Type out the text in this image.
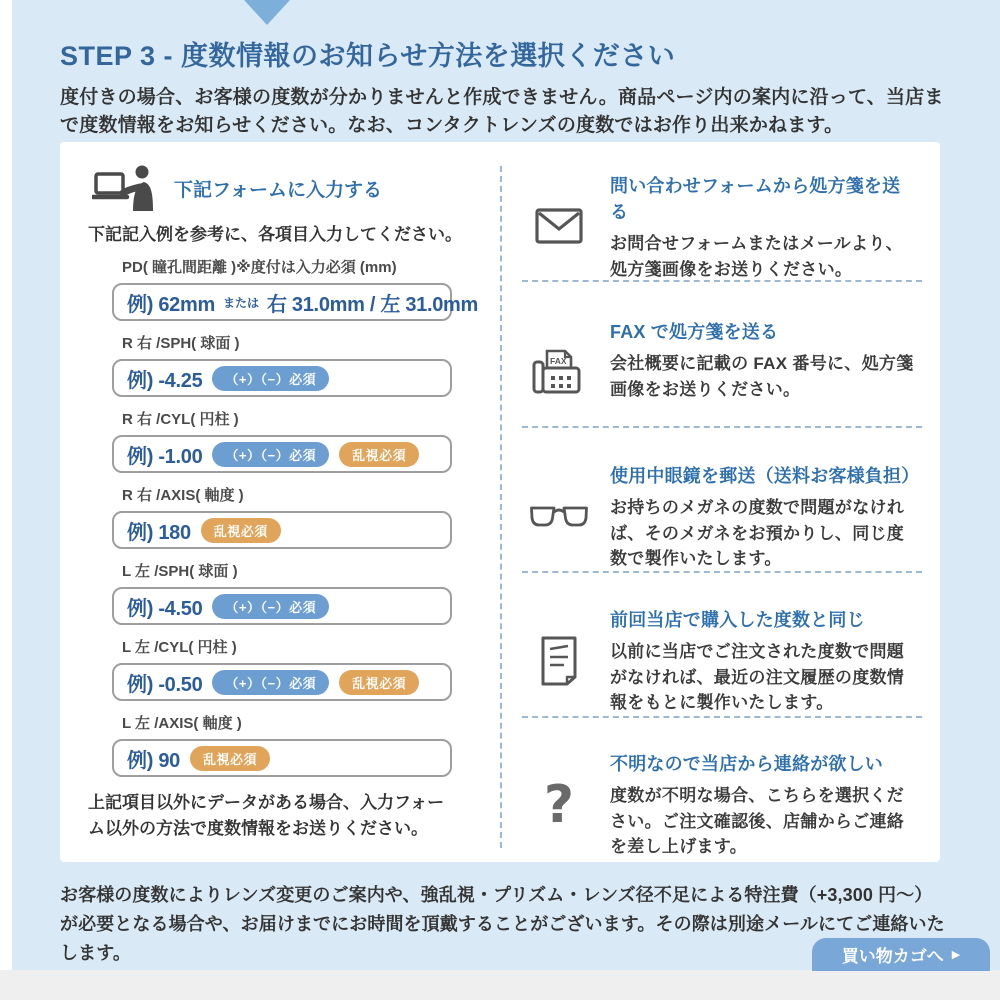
STEP 3 - 度数情報のお知らせ方法を選択ください

度付きの場合、お客様の度数が分かりませんと作成できません。商品ページ内の案内に沿って、当店まで度数情報をお知らせください。なお、コンタクトレンズの度数ではお作り出来かねます。

下記フォームに入力する

下記記入例を参考に、各項目入力してください。

PD( 瞳孔間距離 )※度付は入力必須 (mm)
例) 62mm または 右 31.0mm / 左 31.0mm
R 右 /SPH( 球面 )
例) -4.25	（+）（−）必須
R 右 /CYL( 円柱 )
例) -1.00	（+）（−）必須	乱視必須
R 右 /AXIS( 軸度 )
例) 180	乱視必須
L 左 /SPH( 球面 )
例) -4.50	（+）（−）必須
L 左 /CYL( 円柱 )
例) -0.50	（+）（−）必須	乱視必須
L 左 /AXIS( 軸度 )
例) 90	乱視必須

上記項目以外にデータがある場合、入力フォーム以外の方法で度数情報をお送りください。

問い合わせフォームから処方箋を送る
お問合せフォームまたはメールより、処方箋画像をお送りください。
FAX
FAX で処方箋を送る
会社概要に記載の FAX 番号に、処方箋画像をお送りください。
使用中眼鏡を郵送（送料お客様負担）
お持ちのメガネの度数で問題がなければ、そのメガネをお預かりし、同じ度数で製作いたします。
前回当店で購入した度数と同じ
以前に当店でご注文された度数で問題がなければ、最近の注文履歴の度数情報をもとに製作いたします。
?
不明なので当店から連絡が欲しい
度数が不明な場合、こちらを選択ください。ご注文確認後、店舗からご連絡を差し上げます。

お客様の度数によりレンズ変更のご案内や、強乱視・プリズム・レンズ径不足による特注費（+3,300 円〜）が必要となる場合や、お届けまでにお時間を頂戴することがございます。その際は別途メールにてご連絡いたします。	買い物カゴへ ▶
